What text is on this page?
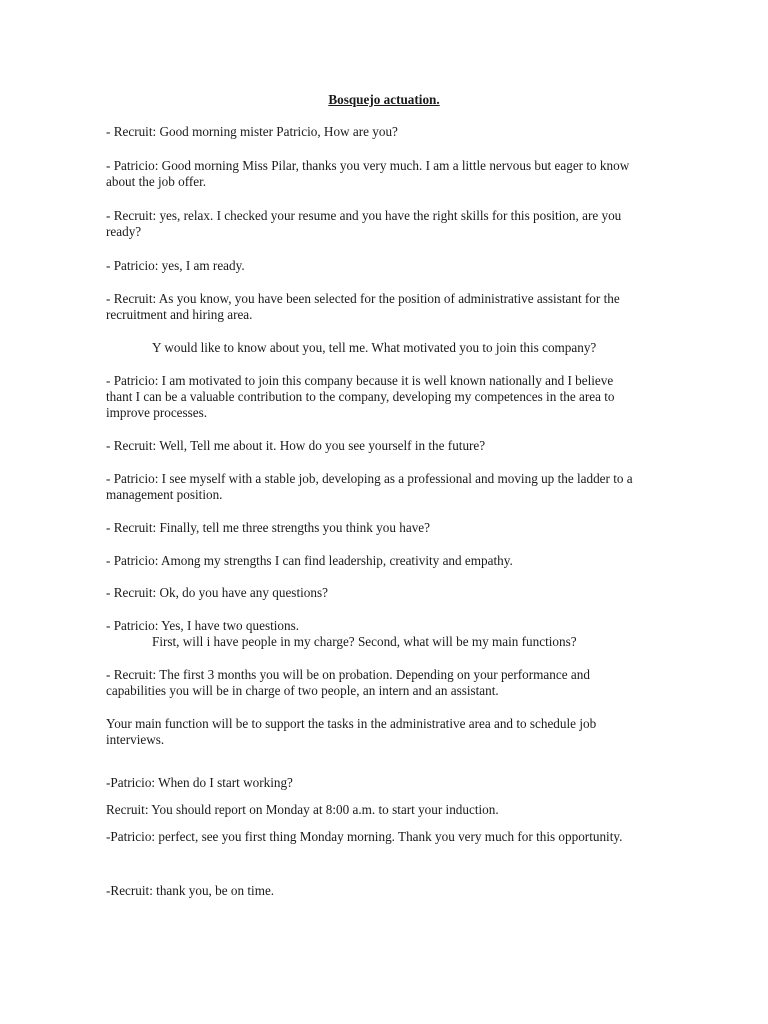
Bosquejo actuation.
- Recruit: Good morning mister Patricio, How are you?
- Patricio: Good morning Miss Pilar, thanks you very much. I am a little nervous but eager to know
about the job offer.
- Recruit: yes, relax. I checked your resume and you have the right skills for this position, are you
ready?
- Patricio: yes, I am ready.
- Recruit: As you know, you have been selected for the position of administrative assistant for the
recruitment and hiring area.
Y would like to know about you, tell me. What motivated you to join this company?
- Patricio: I am motivated to join this company because it is well known nationally and I believe
thant I can be a valuable contribution to the company, developing my competences in the area to
improve processes.
- Recruit: Well, Tell me about it. How do you see yourself in the future?
- Patricio: I see myself with a stable job, developing as a professional and moving up the ladder to a
management position.
- Recruit: Finally, tell me three strengths you think you have?
- Patricio: Among my strengths I can find leadership, creativity and empathy.
- Recruit: Ok, do you have any questions?
- Patricio: Yes, I have two questions.
First, will i have people in my charge? Second, what will be my main functions?
- Recruit: The first 3 months you will be on probation. Depending on your performance and
capabilities you will be in charge of two people, an intern and an assistant.
Your main function will be to support the tasks in the administrative area and to schedule job
interviews.
-Patricio: When do I start working?
Recruit: You should report on Monday at 8:00 a.m. to start your induction.
-Patricio: perfect, see you first thing Monday morning. Thank you very much for this opportunity.
-Recruit: thank you, be on time.
